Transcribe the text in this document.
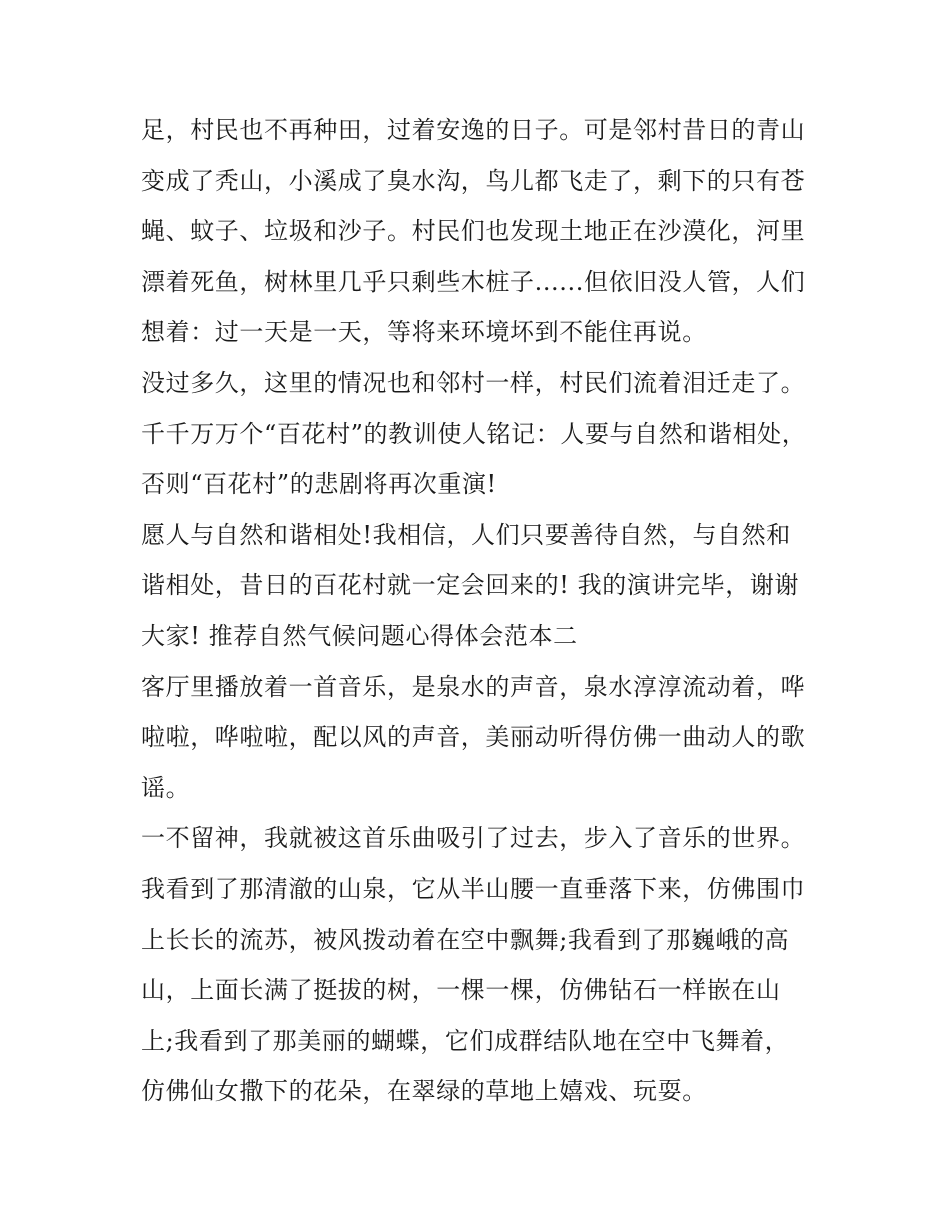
足，村民也不再种田，过着安逸的日子。可是邻村昔日的青山
变成了秃山，小溪成了臭水沟，鸟儿都飞走了，剩下的只有苍
蝇、蚊子、垃圾和沙子。村民们也发现土地正在沙漠化，河里
漂着死鱼，树林里几乎只剩些木桩子......但依旧没人管，人们
想着：过一天是一天，等将来环境坏到不能住再说。
没过多久，这里的情况也和邻村一样，村民们流着泪迁走了。
千千万万个“百花村”的教训使人铭记：人要与自然和谐相处，
否则“百花村”的悲剧将再次重演!
愿人与自然和谐相处!我相信，人们只要善待自然，与自然和
谐相处，昔日的百花村就一定会回来的! 我的演讲完毕，谢谢
大家! 推荐自然气候问题心得体会范本二
客厅里播放着一首音乐，是泉水的声音，泉水淳淳流动着，哗
啦啦，哗啦啦，配以风的声音，美丽动听得仿佛一曲动人的歌
谣。
一不留神，我就被这首乐曲吸引了过去，步入了音乐的世界。
我看到了那清澈的山泉，它从半山腰一直垂落下来，仿佛围巾
上长长的流苏，被风拨动着在空中飘舞;我看到了那巍峨的高
山，上面长满了挺拔的树，一棵一棵，仿佛钻石一样嵌在山
上;我看到了那美丽的蝴蝶，它们成群结队地在空中飞舞着，
仿佛仙女撒下的花朵，在翠绿的草地上嬉戏、玩耍。
